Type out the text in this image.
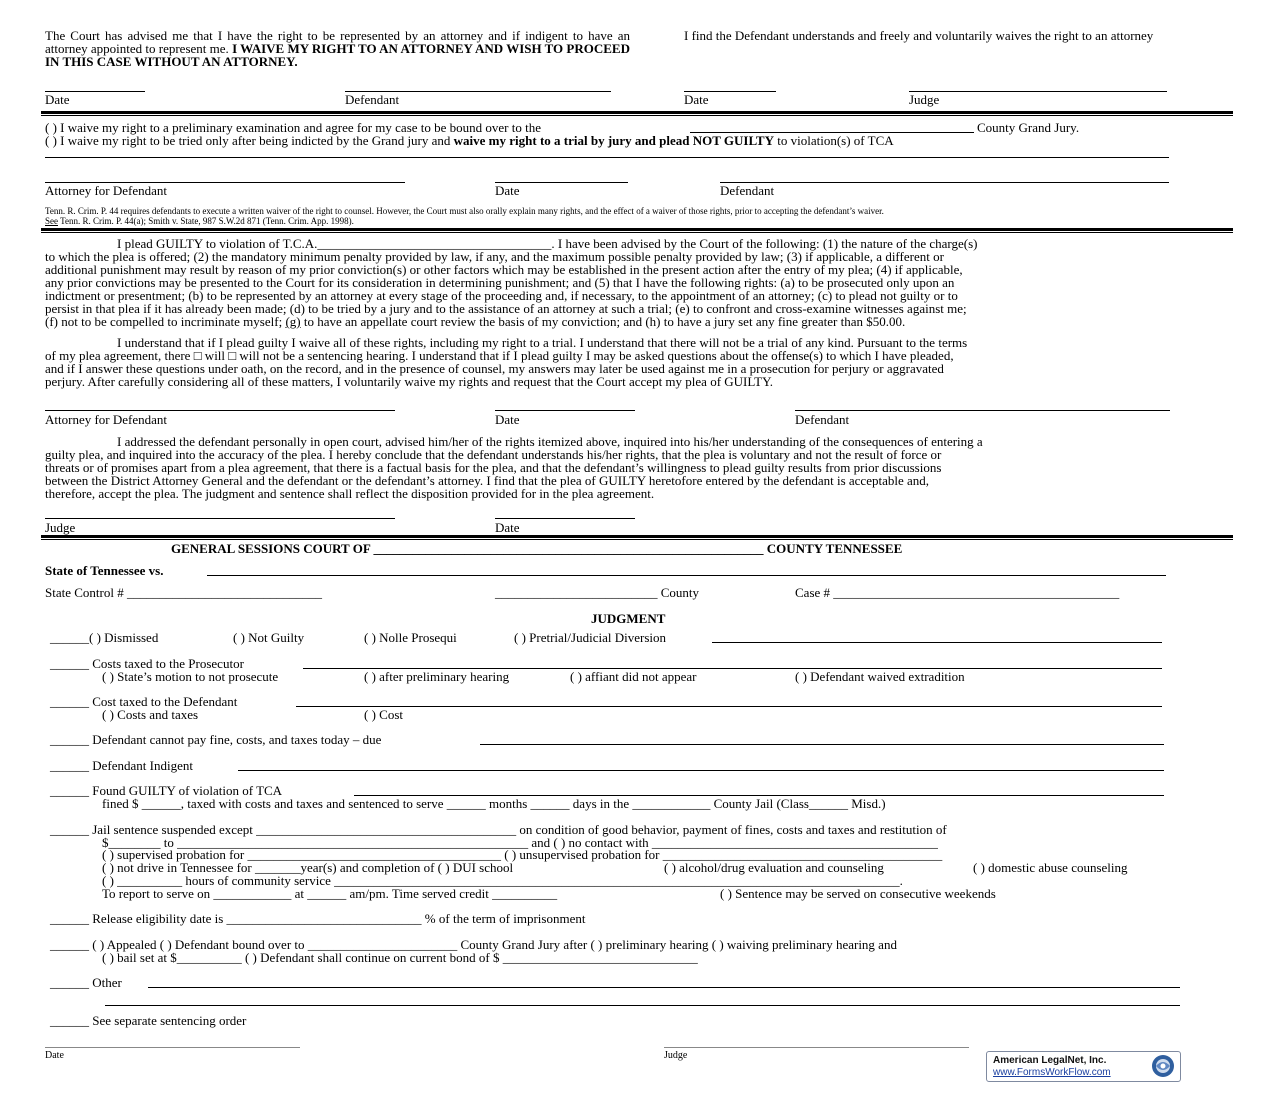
The Court has advised me that I have the right to be represented by an attorney and if indigent to have an attorney appointed to represent me. I WAIVE MY RIGHT TO AN ATTORNEY AND WISH TO PROCEED IN THIS CASE WITHOUT AN ATTORNEY.
I find the Defendant understands and freely and voluntarily waives the right to an attorney
Date	Defendant	Date	Judge
( ) I waive my right to a preliminary examination and agree for my case to be bound over to the	County Grand Jury.
( ) I waive my right to be tried only after being indicted by the Grand jury and waive my right to a trial by jury and plead NOT GUILTY to violation(s) of TCA
Attorney for Defendant	Date	Defendant
Tenn. R. Crim. P. 44 requires defendants to execute a written waiver of the right to counsel. However, the Court must also orally explain many rights, and the effect of a waiver of those rights, prior to accepting the defendant’s waiver.
See Tenn. R. Crim. P. 44(a); Smith v. State, 987 S.W.2d 871 (Tenn. Crim. App. 1998).
I plead GUILTY to violation of T.C.A.____________________________________. I have been advised by the Court of the following: (1) the nature of the charge(s)
to which the plea is offered; (2) the mandatory minimum penalty provided by law, if any, and the maximum possible penalty provided by law; (3) if applicable, a different or
additional punishment may result by reason of my prior conviction(s) or other factors which may be established in the present action after the entry of my plea; (4) if applicable,
any prior convictions may be presented to the Court for its consideration in determining punishment; and (5) that I have the following rights: (a) to be prosecuted only upon an
indictment or presentment; (b) to be represented by an attorney at every stage of the proceeding and, if necessary, to the appointment of an attorney; (c) to plead not guilty or to
persist in that plea if it has already been made; (d) to be tried by a jury and to the assistance of an attorney at such a trial; (e) to confront and cross-examine witnesses against me;
(f) not to be compelled to incriminate myself; (g) to have an appellate court review the basis of my conviction; and (h) to have a jury set any fine greater than $50.00.
I understand that if I plead guilty I waive all of these rights, including my right to a trial. I understand that there will not be a trial of any kind. Pursuant to the terms
of my plea agreement, there □ will □ will not be a sentencing hearing. I understand that if I plead guilty I may be asked questions about the offense(s) to which I have pleaded,
and if I answer these questions under oath, on the record, and in the presence of counsel, my answers may later be used against me in a prosecution for perjury or aggravated
perjury. After carefully considering all of these matters, I voluntarily waive my rights and request that the Court accept my plea of GUILTY.
Attorney for Defendant	Date	Defendant
I addressed the defendant personally in open court, advised him/her of the rights itemized above, inquired into his/her understanding of the consequences of entering a
guilty plea, and inquired into the accuracy of the plea. I hereby conclude that the defendant understands his/her rights, that the plea is voluntary and not the result of force or
threats or of promises apart from a plea agreement, that there is a factual basis for the plea, and that the defendant’s willingness to plead guilty results from prior discussions
between the District Attorney General and the defendant or the defendant’s attorney. I find that the plea of GUILTY heretofore entered by the defendant is acceptable and,
therefore, accept the plea. The judgment and sentence shall reflect the disposition provided for in the plea agreement.
Judge	Date
GENERAL SESSIONS COURT OF ____________________________________________________________ COUNTY TENNESSEE
State of Tennessee vs.
State Control # ______________________________	_________________________ County	Case # ____________________________________________
JUDGMENT
______( ) Dismissed	( ) Not Guilty	( ) Nolle Prosequi	( ) Pretrial/Judicial Diversion
______ Costs taxed to the Prosecutor
( ) State’s motion to not prosecute	( ) after preliminary hearing	( ) affiant did not appear	( ) Defendant waived extradition
______ Cost taxed to the Defendant
( ) Costs and taxes	( ) Cost
______ Defendant cannot pay fine, costs, and taxes today – due
______ Defendant Indigent
______ Found GUILTY of violation of TCA
fined $ ______, taxed with costs and taxes and sentenced to serve ______ months ______ days in the ____________ County Jail (Class______ Misd.)
______ Jail sentence suspended except ________________________________________ on condition of good behavior, payment of fines, costs and taxes and restitution of
$________ to ______________________________________________________ and ( ) no contact with ____________________________________________
( ) supervised probation for _______________________________________ ( ) unsupervised probation for ___________________________________________
( ) not drive in Tennessee for _______year(s) and completion of ( ) DUI school	( ) alcohol/drug evaluation and counseling	( ) domestic abuse counseling
( ) __________ hours of community service _______________________________________________________________________________________.
To report to serve on ____________ at ______ am/pm. Time served credit __________	( ) Sentence may be served on consecutive weekends
______ Release eligibility date is ______________________________ % of the term of imprisonment
______ ( ) Appealed ( ) Defendant bound over to _______________________ County Grand Jury after ( ) preliminary hearing ( ) waiving preliminary hearing and
( ) bail set at $__________ ( ) Defendant shall continue on current bond of $ ______________________________
______ Other
______ See separate sentencing order
Date	Judge	American LegalNet, Inc.
www.FormsWorkFlow.com
